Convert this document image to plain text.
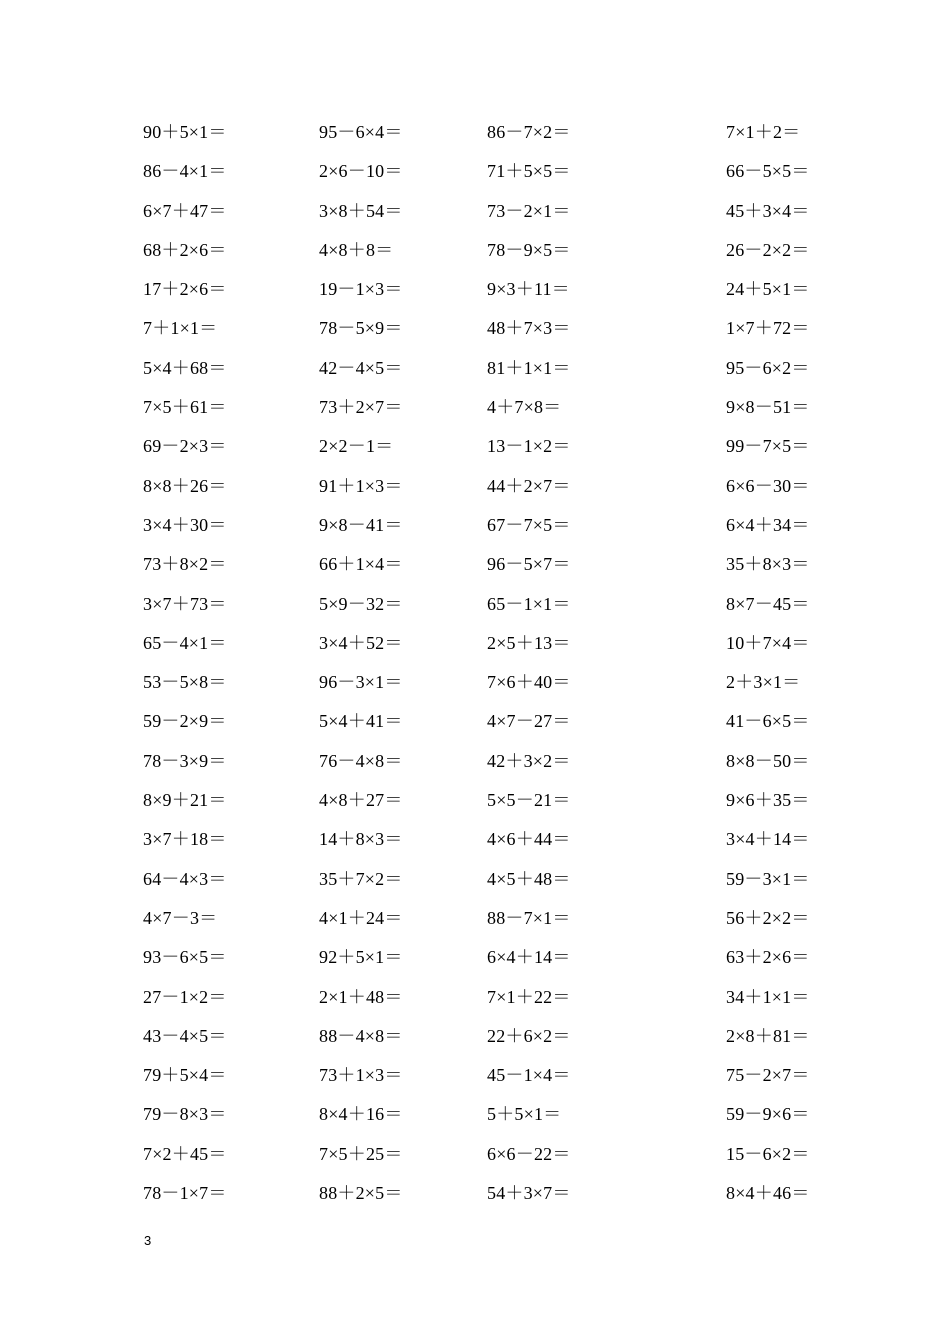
90＋5×1＝	95－6×4＝	86－7×2＝	7×1＋2＝
86－4×1＝	2×6－10＝	71＋5×5＝	66－5×5＝
6×7＋47＝	3×8＋54＝	73－2×1＝	45＋3×4＝
68＋2×6＝	4×8＋8＝	78－9×5＝	26－2×2＝
17＋2×6＝	19－1×3＝	9×3＋11＝	24＋5×1＝
7＋1×1＝	78－5×9＝	48＋7×3＝	1×7＋72＝
5×4＋68＝	42－4×5＝	81＋1×1＝	95－6×2＝
7×5＋61＝	73＋2×7＝	4＋7×8＝	9×8－51＝
69－2×3＝	2×2－1＝	13－1×2＝	99－7×5＝
8×8＋26＝	91＋1×3＝	44＋2×7＝	6×6－30＝
3×4＋30＝	9×8－41＝	67－7×5＝	6×4＋34＝
73＋8×2＝	66＋1×4＝	96－5×7＝	35＋8×3＝
3×7＋73＝	5×9－32＝	65－1×1＝	8×7－45＝
65－4×1＝	3×4＋52＝	2×5＋13＝	10＋7×4＝
53－5×8＝	96－3×1＝	7×6＋40＝	2＋3×1＝
59－2×9＝	5×4＋41＝	4×7－27＝	41－6×5＝
78－3×9＝	76－4×8＝	42＋3×2＝	8×8－50＝
8×9＋21＝	4×8＋27＝	5×5－21＝	9×6＋35＝
3×7＋18＝	14＋8×3＝	4×6＋44＝	3×4＋14＝
64－4×3＝	35＋7×2＝	4×5＋48＝	59－3×1＝
4×7－3＝	4×1＋24＝	88－7×1＝	56＋2×2＝
93－6×5＝	92＋5×1＝	6×4＋14＝	63＋2×6＝
27－1×2＝	2×1＋48＝	7×1＋22＝	34＋1×1＝
43－4×5＝	88－4×8＝	22＋6×2＝	2×8＋81＝
79＋5×4＝	73＋1×3＝	45－1×4＝	75－2×7＝
79－8×3＝	8×4＋16＝	5＋5×1＝	59－9×6＝
7×2＋45＝	7×5＋25＝	6×6－22＝	15－6×2＝
78－1×7＝	88＋2×5＝	54＋3×7＝	8×4＋46＝
3
